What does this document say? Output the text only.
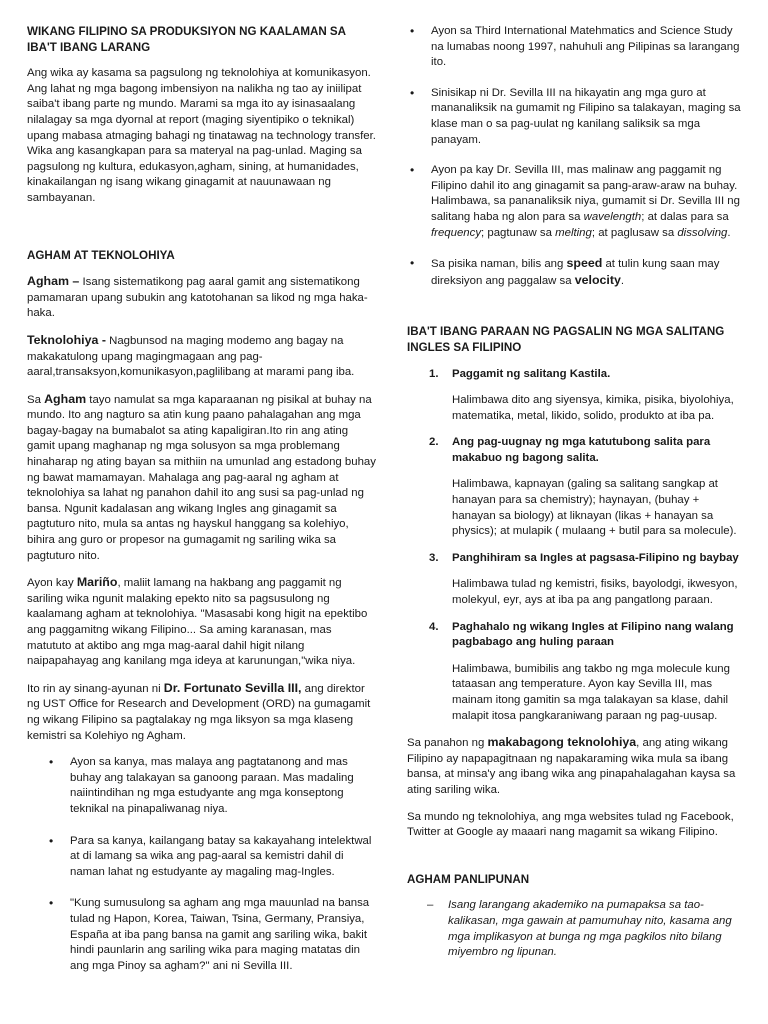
WIKANG FILIPINO SA PRODUKSIYON NG KAALAMAN SA IBA'T IBANG LARANG

Ang wika ay kasama sa pagsulong ng teknolohiya at komunikasyon. Ang lahat ng mga bagong imbensiyon na nalikha ng tao ay iniilipat saiba't ibang parte ng mundo. Marami sa mga ito ay isinasaalang nilalagay sa mga dyornal at report (maging siyentipiko o teknikal) upang mabasa atmaging bahagi ng tinatawag na technology transfer. Wika ang kasangkapan para sa materyal na pag-unlad. Maging sa pagsulong ng kultura, edukasyon,agham, sining, at humanidades, kinakailangan ng isang wikang ginagamit at nauunawaan ng sambayanan.

AGHAM AT TEKNOLOHIYA

Agham – Isang sistematikong pag aaral gamit ang sistematikong pamamaran upang subukin ang katotohanan sa likod ng mga haka-haka.

Teknolohiya - Nagbunsod na maging modemo ang bagay na makakatulong upang magingmagaan ang pag-aaral,transaksyon,komunikasyon,paglilibang at marami pang iba.

Sa Agham tayo namulat sa mga kaparaanan ng pisikal at buhay na mundo. Ito ang nagturo sa atin kung paano pahalagahan ang mga bagay-bagay na bumabalot sa ating kapaligiran.Ito rin ang ating gamit upang maghanap ng mga solusyon sa mga problemang hinaharap ng ating bayan sa mithiin na umunlad ang estadong buhay ng bawat mamamayan. Mahalaga ang pag-aaral ng agham at teknolohiya sa lahat ng panahon dahil ito ang susi sa pag-unlad ng bansa. Ngunit kadalasan ang wikang Ingles ang ginagamit sa pagtuturo nito, mula sa antas ng hayskul hanggang sa kolehiyo, bihira ang guro or propesor na gumagamit ng sariling wika sa pagtuturo nito.

Ayon kay Mariño, maliit lamang na hakbang ang paggamit ng sariling wika ngunit malaking epekto nito sa pagsusulong ng kaalamang agham at teknolohiya. "Masasabi kong higit na epektibo ang paggamitng wikang Filipino... Sa aming karanasan, mas matututo at aktibo ang mga mag-aaral dahil higit nilang naipapahayag ang kanilang mga ideya at karunungan,"wika niya.

Ito rin ay sinang-ayunan ni Dr. Fortunato Sevilla III, ang direktor ng UST Office for Research and Development (ORD) na gumagamit ng wikang Filipino sa pagtalakay ng mga liksyon sa mga klaseng kemistri sa Kolehiyo ng Agham.

• Ayon sa kanya, mas malaya ang pagtatanong and mas buhay ang talakayan sa ganoong paraan. Mas madaling naiintindihan ng mga estudyante ang mga konseptong teknikal na pinapaliwanag niya.
• Para sa kanya, kailangang batay sa kakayahang intelektwal at di lamang sa wika ang pag-aaral sa kemistri dahil di naman lahat ng estudyante ay magaling mag-Ingles.
• "Kung sumusulong sa agham ang mga mauunlad na bansa tulad ng Hapon, Korea, Taiwan, Tsina, Germany, Pransiya, España at iba pang bansa na gamit ang sariling wika, bakit hindi paunlarin ang sariling wika para maging matatas din ang mga Pinoy sa agham?" ani ni Sevilla III.
• Ayon sa Third International Matehmatics and Science Study na lumabas noong 1997, nahuhuli ang Pilipinas sa larangang ito.
• Sinisikap ni Dr. Sevilla III na hikayatin ang mga guro at mananaliksik na gumamit ng Filipino sa talakayan, maging sa klase man o sa pag-uulat ng kanilang saliksik sa mga panayam.
• Ayon pa kay Dr. Sevilla III, mas malinaw ang paggamit ng Filipino dahil ito ang ginagamit sa pang-araw-araw na buhay. Halimbawa, sa pananaliksik niya, gumamit si Dr. Sevilla III ng salitang haba ng alon para sa wavelength; at dalas para sa frequency; pagtunaw sa melting; at paglusaw sa dissolving.
• Sa pisika naman, bilis ang speed at tulin kung saan may direksiyon ang paggalaw sa velocity.
IBA'T IBANG PARAAN NG PAGSALIN NG MGA SALITANG INGLES SA FILIPINO
1. Paggamit ng salitang Kastila.
Halimbawa dito ang siyensya, kimika, pisika, biyolohiya, matematika, metal, likido, solido, produkto at iba pa.
2. Ang pag-uugnay ng mga katutubong salita para makabuo ng bagong salita.
Halimbawa, kapnayan (galing sa salitang sangkap at hanayan para sa chemistry); haynayan, (buhay + hanayan sa biology) at liknayan (likas + hanayan sa physics); at mulapik ( mulaang + butil para sa molecule).
3. Panghihiram sa Ingles at pagsasa-Filipino ng baybay
Halimbawa tulad ng kemistri, fisiks, bayolodgi, ikwesyon, molekyul, eyr, ays at iba pa ang pangatlong paraan.
4. Paghahalo ng wikang Ingles at Filipino nang walang pagbabago ang huling paraan
Halimbawa, bumibilis ang takbo ng mga molecule kung tataasan ang temperature. Ayon kay Sevilla III, mas mainam itong gamitin sa mga talakayan sa klase, dahil malapit itosa pangkaraniwang paraan ng pag-uusap.

Sa panahon ng makabagong teknolohiya, ang ating wikang Filipino ay napapagitnaan ng napakaraming wika mula sa ibang bansa, at minsa'y ang ibang wika ang pinapahalagahan kaysa sa ating sariling wika.

Sa mundo ng teknolohiya, ang mga websites tulad ng Facebook, Twitter at Google ay maaari nang magamit sa wikang Filipino.

AGHAM PANLIPUNAN
– Isang larangang akademiko na pumapaksa sa tao-kalikasan, mga gawain at pamumuhay nito, kasama ang mga implikasyon at bunga ng mga pagkilos nito bilang miyembro ng lipunan.
